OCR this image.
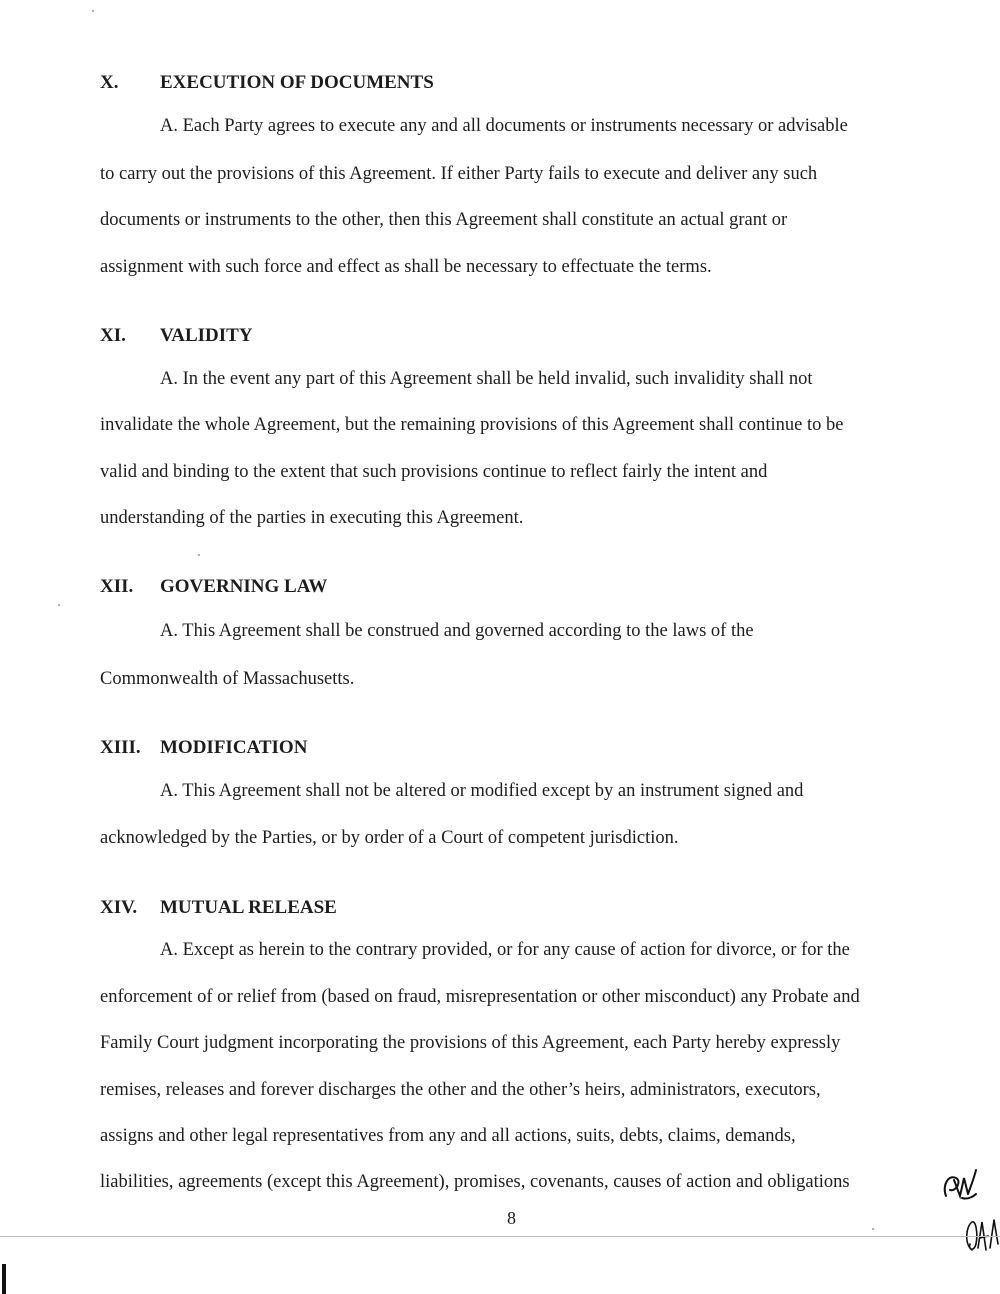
X. EXECUTION OF DOCUMENTS
A. Each Party agrees to execute any and all documents or instruments necessary or advisable
to carry out the provisions of this Agreement. If either Party fails to execute and deliver any such
documents or instruments to the other, then this Agreement shall constitute an actual grant or
assignment with such force and effect as shall be necessary to effectuate the terms.
XI. VALIDITY
A. In the event any part of this Agreement shall be held invalid, such invalidity shall not
invalidate the whole Agreement, but the remaining provisions of this Agreement shall continue to be
valid and binding to the extent that such provisions continue to reflect fairly the intent and
understanding of the parties in executing this Agreement.
XII. GOVERNING LAW
A. This Agreement shall be construed and governed according to the laws of the
Commonwealth of Massachusetts.
XIII. MODIFICATION
A. This Agreement shall not be altered or modified except by an instrument signed and
acknowledged by the Parties, or by order of a Court of competent jurisdiction.
XIV. MUTUAL RELEASE
A. Except as herein to the contrary provided, or for any cause of action for divorce, or for the
enforcement of or relief from (based on fraud, misrepresentation or other misconduct) any Probate and
Family Court judgment incorporating the provisions of this Agreement, each Party hereby expressly
remises, releases and forever discharges the other and the other’s heirs, administrators, executors,
assigns and other legal representatives from any and all actions, suits, debts, claims, demands,
liabilities, agreements (except this Agreement), promises, covenants, causes of action and obligations
8
